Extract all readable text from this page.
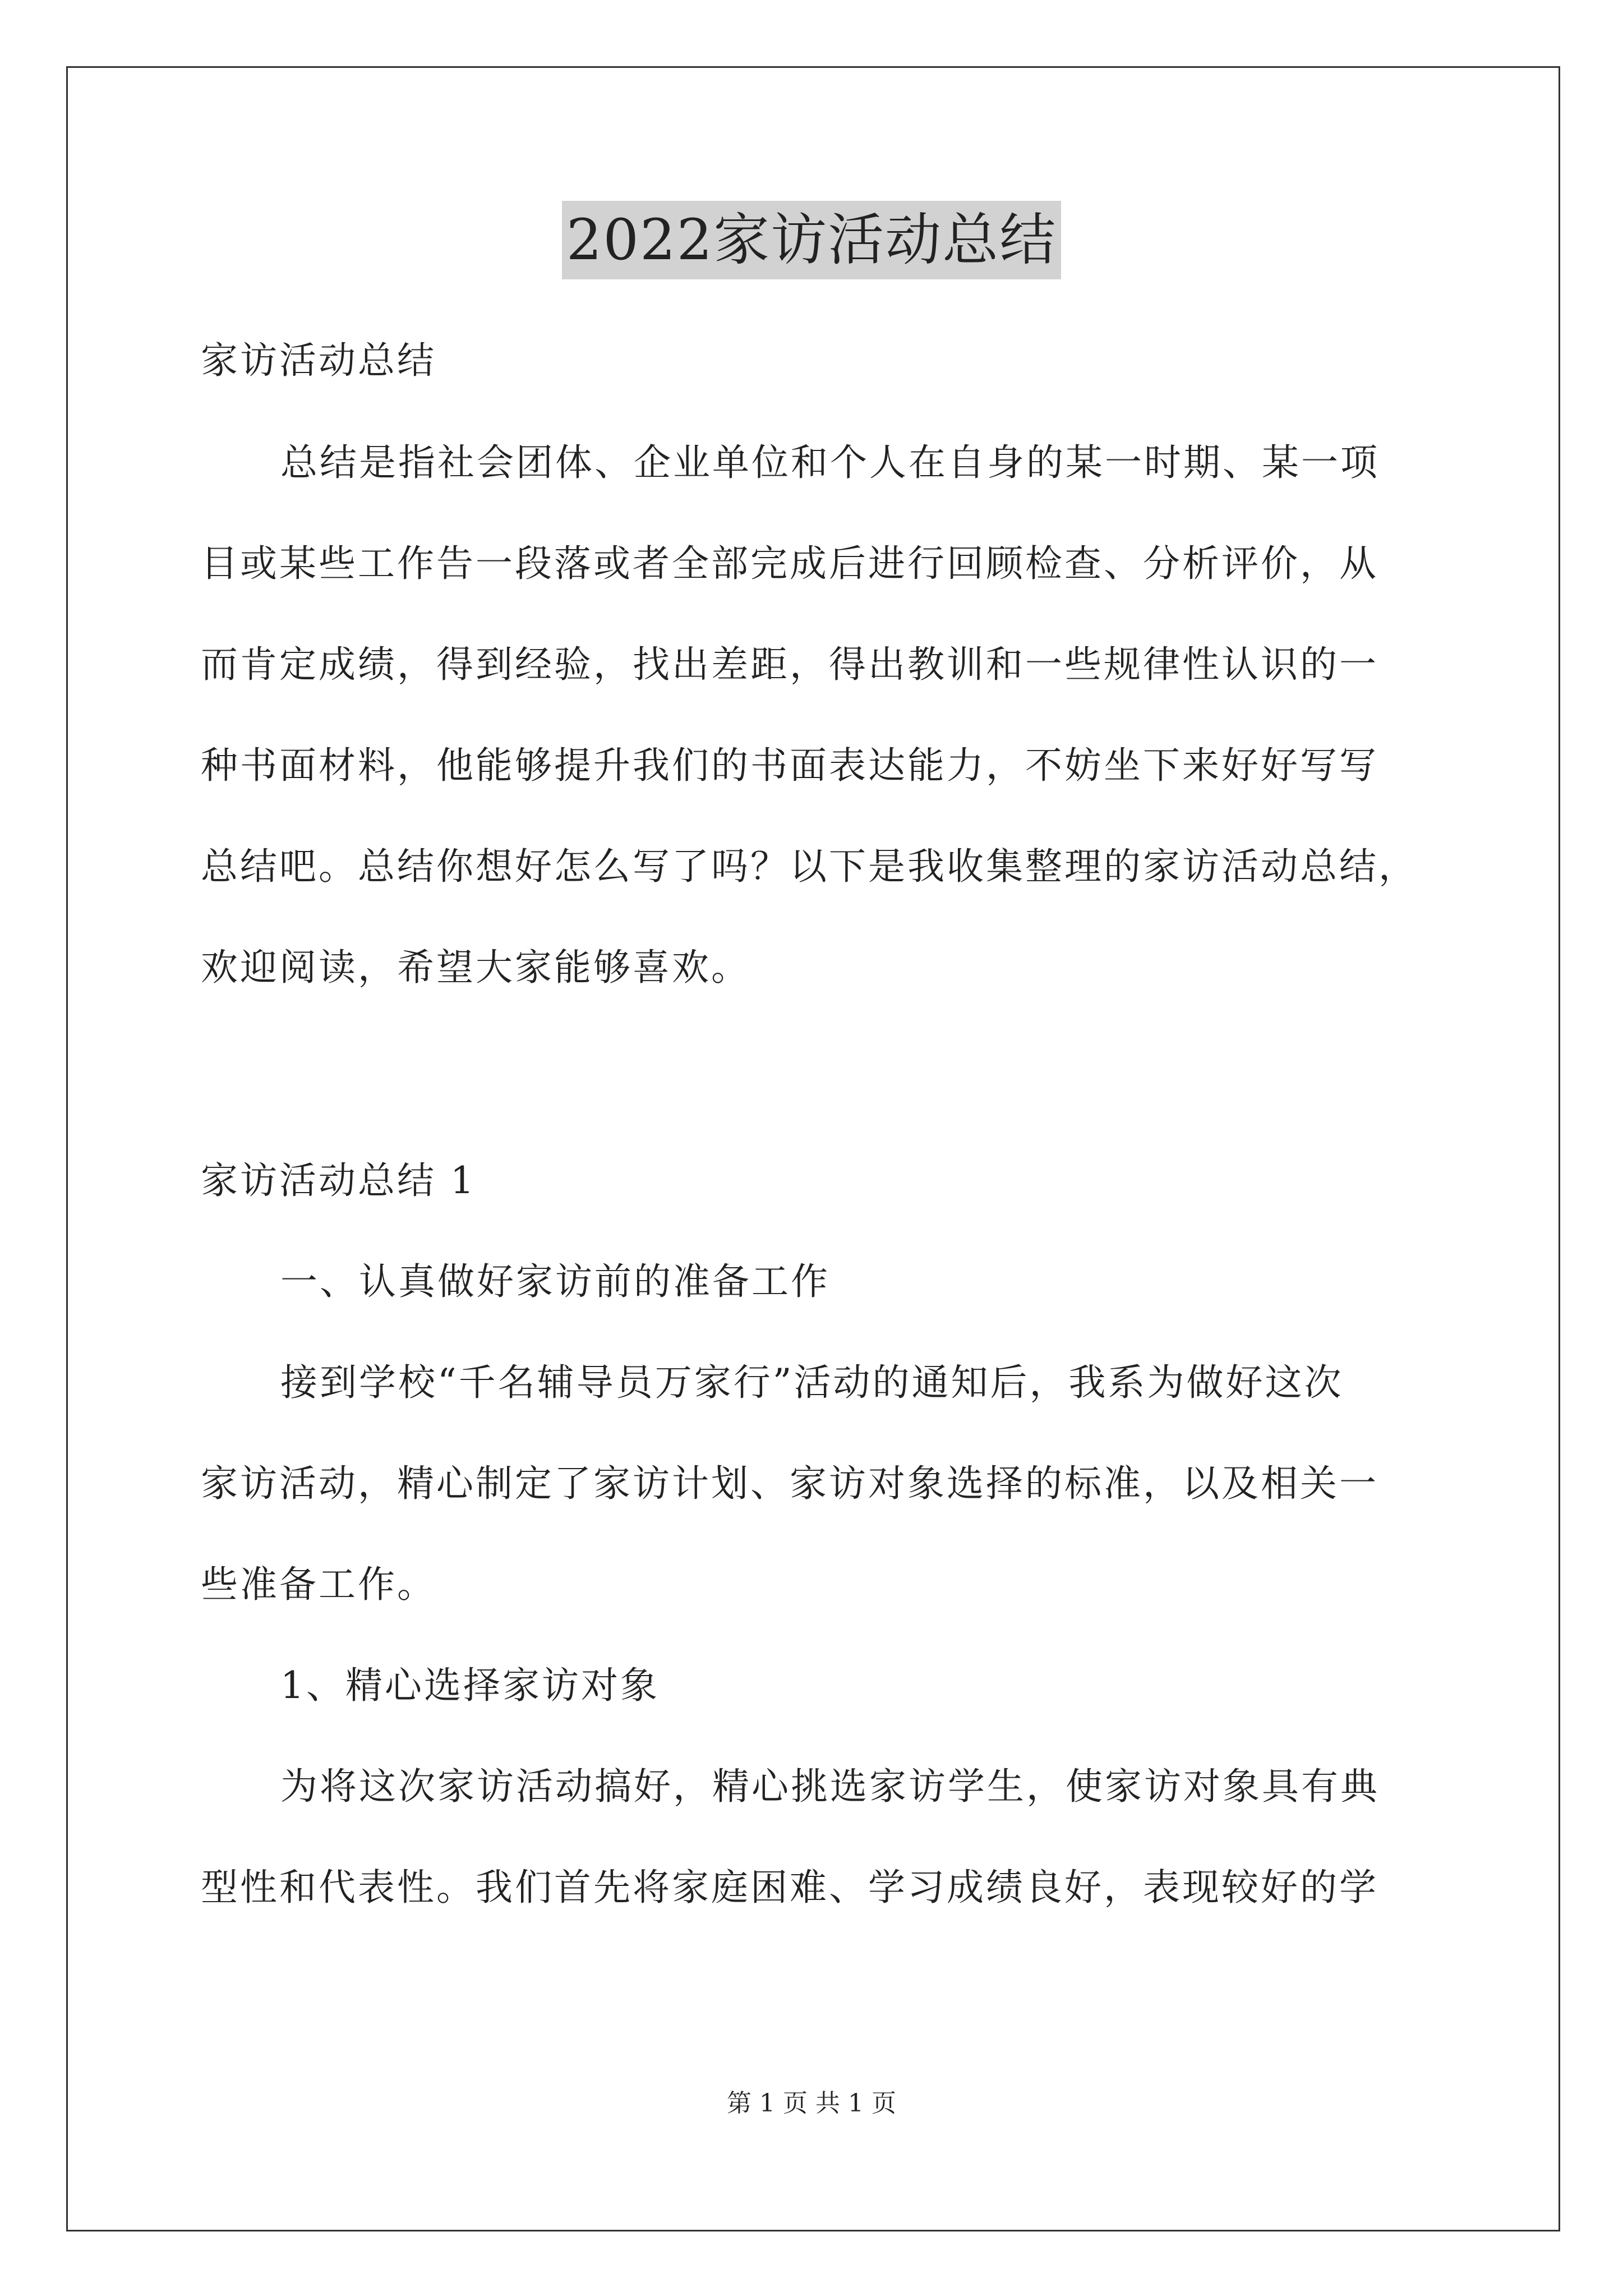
2022家访活动总结
家访活动总结
总结是指社会团体、企业单位和个人在自身的某一时期、某一项
目或某些工作告一段落或者全部完成后进行回顾检查、分析评价，从
而肯定成绩，得到经验，找出差距，得出教训和一些规律性认识的一
种书面材料，他能够提升我们的书面表达能力，不妨坐下来好好写写
总结吧。总结你想好怎么写了吗？以下是我收集整理的家访活动总结，
欢迎阅读，希望大家能够喜欢。
家访活动总结 1
一、认真做好家访前的准备工作
接到学校“千名辅导员万家行”活动的通知后，我系为做好这次
家访活动，精心制定了家访计划、家访对象选择的标准，以及相关一
些准备工作。
1、精心选择家访对象
为将这次家访活动搞好，精心挑选家访学生，使家访对象具有典
型性和代表性。我们首先将家庭困难、学习成绩良好，表现较好的学
第 1 页 共 1 页
